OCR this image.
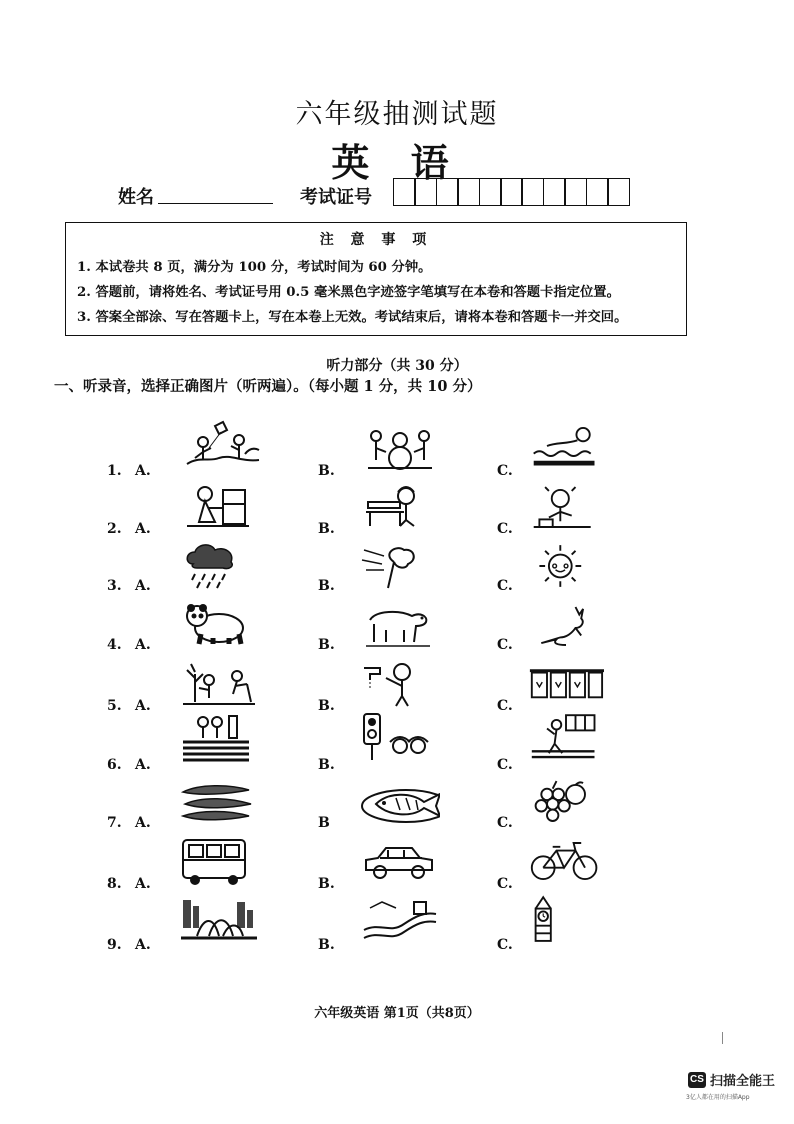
六年级抽测试题
英 语
姓名	考试证号
注 意 事 项
1. 本试卷共 8 页，满分为 100 分，考试时间为 60 分钟。
2. 答题前，请将姓名、考试证号用 0.5 毫米黑色字迹签字笔填写在本卷和答题卡指定位置。
3. 答案全部涂、写在答题卡上，写在本卷上无效。考试结束后，请将本卷和答题卡一并交回。
听力部分（共 30 分）
一、听录音，选择正确图片（听两遍）。（每小题 1 分，共 10 分）
1. A.	B.	C.
2. A.	B.	C.
3. A.	B.	C.
4. A.	B.	C.
5. A.	B.	C.
6. A.	B.	C.
7. A.	B	C.
8. A.	B.	C.
9. A.	B.	C.
六年级英语 第1页（共8页）
CS 扫描全能王
3亿人都在用的扫描App
